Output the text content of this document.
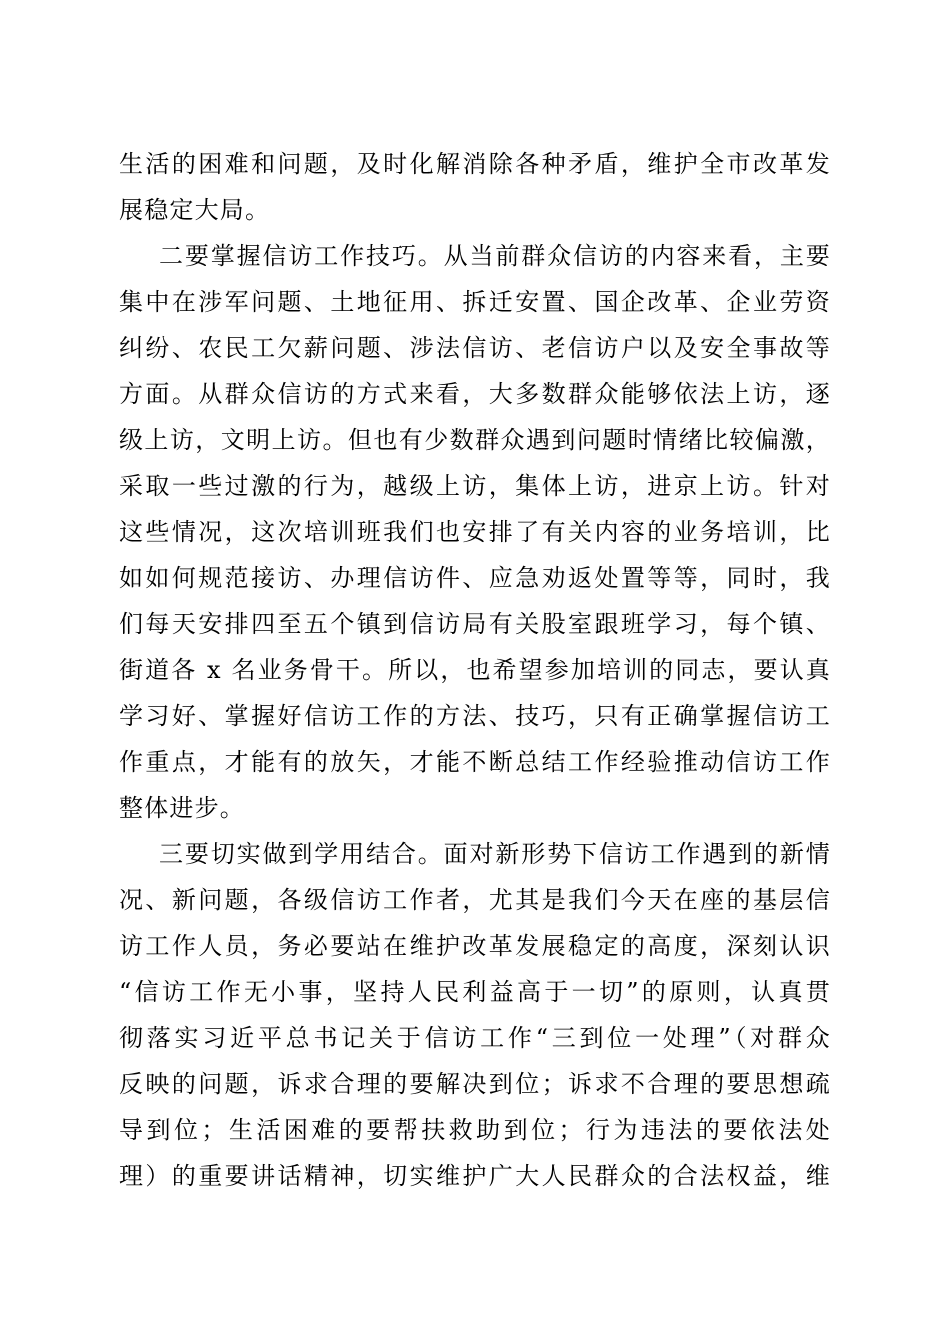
生活的困难和问题，及时化解消除各种矛盾，维护全市改革发
展稳定大局。
二要掌握信访工作技巧。从当前群众信访的内容来看，主要
集中在涉军问题、土地征用、拆迁安置、国企改革、企业劳资
纠纷、农民工欠薪问题、涉法信访、老信访户以及安全事故等
方面。从群众信访的方式来看，大多数群众能够依法上访，逐
级上访，文明上访。但也有少数群众遇到问题时情绪比较偏激，
采取一些过激的行为，越级上访，集体上访，进京上访。针对
这些情况，这次培训班我们也安排了有关内容的业务培训，比
如如何规范接访、办理信访件、应急劝返处置等等，同时，我
们每天安排四至五个镇到信访局有关股室跟班学习，每个镇、
街道各 x 名业务骨干。所以，也希望参加培训的同志，要认真
学习好、掌握好信访工作的方法、技巧，只有正确掌握信访工
作重点，才能有的放矢，才能不断总结工作经验推动信访工作
整体进步。
三要切实做到学用结合。面对新形势下信访工作遇到的新情
况、新问题，各级信访工作者，尤其是我们今天在座的基层信
访工作人员，务必要站在维护改革发展稳定的高度，深刻认识
“信访工作无小事，坚持人民利益高于一切”的原则，认真贯
彻落实习近平总书记关于信访工作“三到位一处理”（对群众
反映的问题，诉求合理的要解决到位；诉求不合理的要思想疏
导到位；生活困难的要帮扶救助到位；行为违法的要依法处
理）的重要讲话精神，切实维护广大人民群众的合法权益，维
